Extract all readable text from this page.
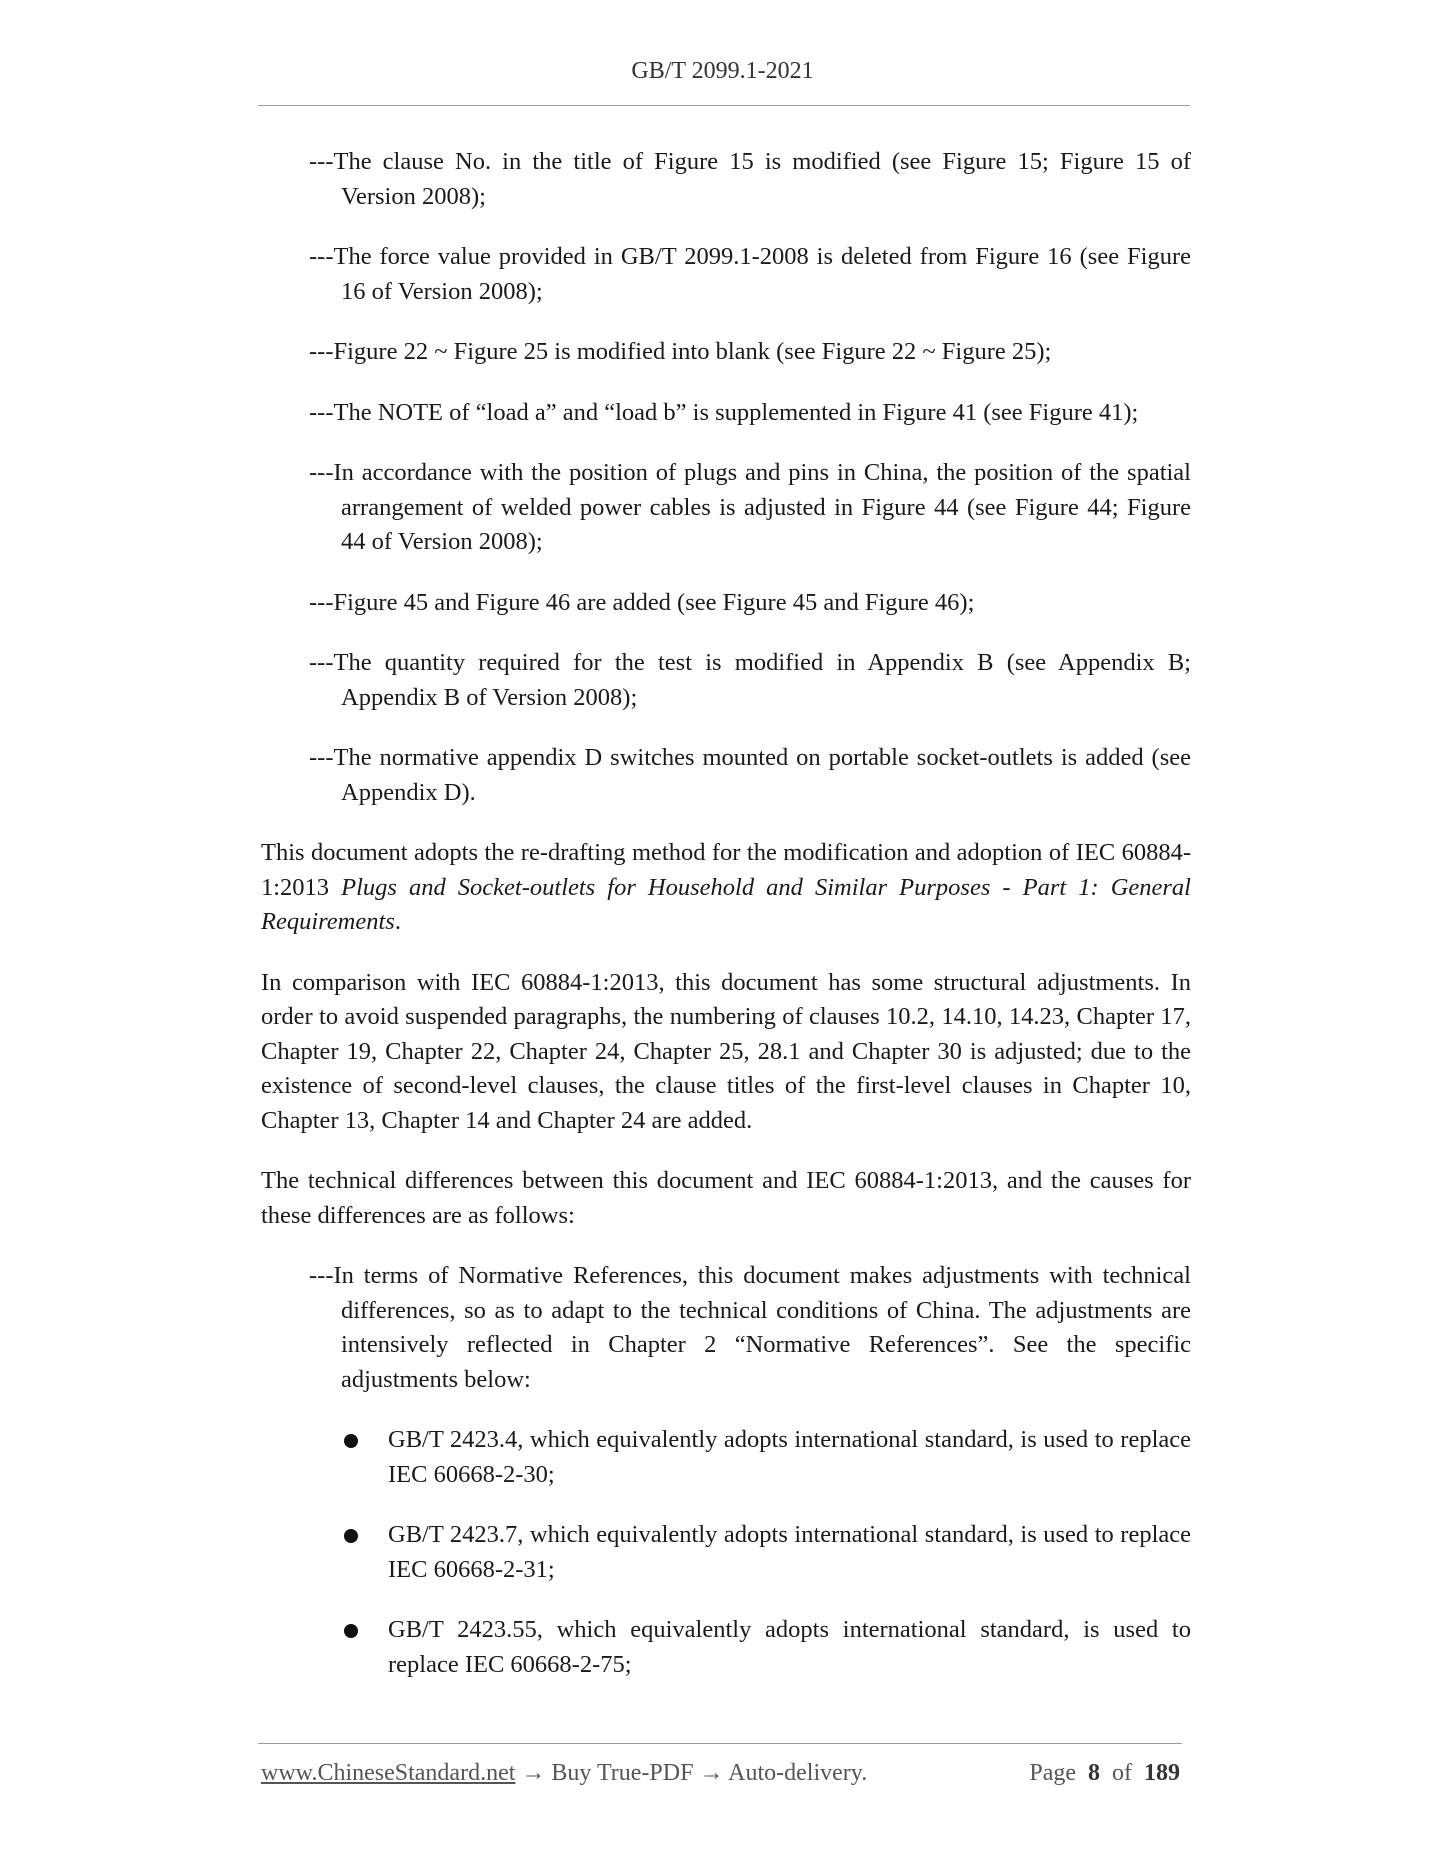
GB/T 2099.1-2021

---The clause No. in the title of Figure 15 is modified (see Figure 15; Figure 15 of Version 2008);

---The force value provided in GB/T 2099.1-2008 is deleted from Figure 16 (see Figure 16 of Version 2008);

---Figure 22 ~ Figure 25 is modified into blank (see Figure 22 ~ Figure 25);

---The NOTE of “load a” and “load b” is supplemented in Figure 41 (see Figure 41);

---In accordance with the position of plugs and pins in China, the position of the spatial arrangement of welded power cables is adjusted in Figure 44 (see Figure 44; Figure 44 of Version 2008);

---Figure 45 and Figure 46 are added (see Figure 45 and Figure 46);

---The quantity required for the test is modified in Appendix B (see Appendix B; Appendix B of Version 2008);

---The normative appendix D switches mounted on portable socket-outlets is added (see Appendix D).

This document adopts the re-drafting method for the modification and adoption of IEC 60884-1:2013 Plugs and Socket-outlets for Household and Similar Purposes - Part 1: General Requirements.

In comparison with IEC 60884-1:2013, this document has some structural adjustments. In order to avoid suspended paragraphs, the numbering of clauses 10.2, 14.10, 14.23, Chapter 17, Chapter 19, Chapter 22, Chapter 24, Chapter 25, 28.1 and Chapter 30 is adjusted; due to the existence of second-level clauses, the clause titles of the first-level clauses in Chapter 10, Chapter 13, Chapter 14 and Chapter 24 are added.

The technical differences between this document and IEC 60884-1:2013, and the causes for these differences are as follows:

---In terms of Normative References, this document makes adjustments with technical differences, so as to adapt to the technical conditions of China. The adjustments are intensively reflected in Chapter 2 “Normative References”. See the specific adjustments below:

GB/T 2423.4, which equivalently adopts international standard, is used to replace IEC 60668-2-30;
GB/T 2423.7, which equivalently adopts international standard, is used to replace IEC 60668-2-31;
GB/T 2423.55, which equivalently adopts international standard, is used to replace IEC 60668-2-75;
www.ChineseStandard.net → Buy True-PDF → Auto-delivery.	Page 8 of 189
